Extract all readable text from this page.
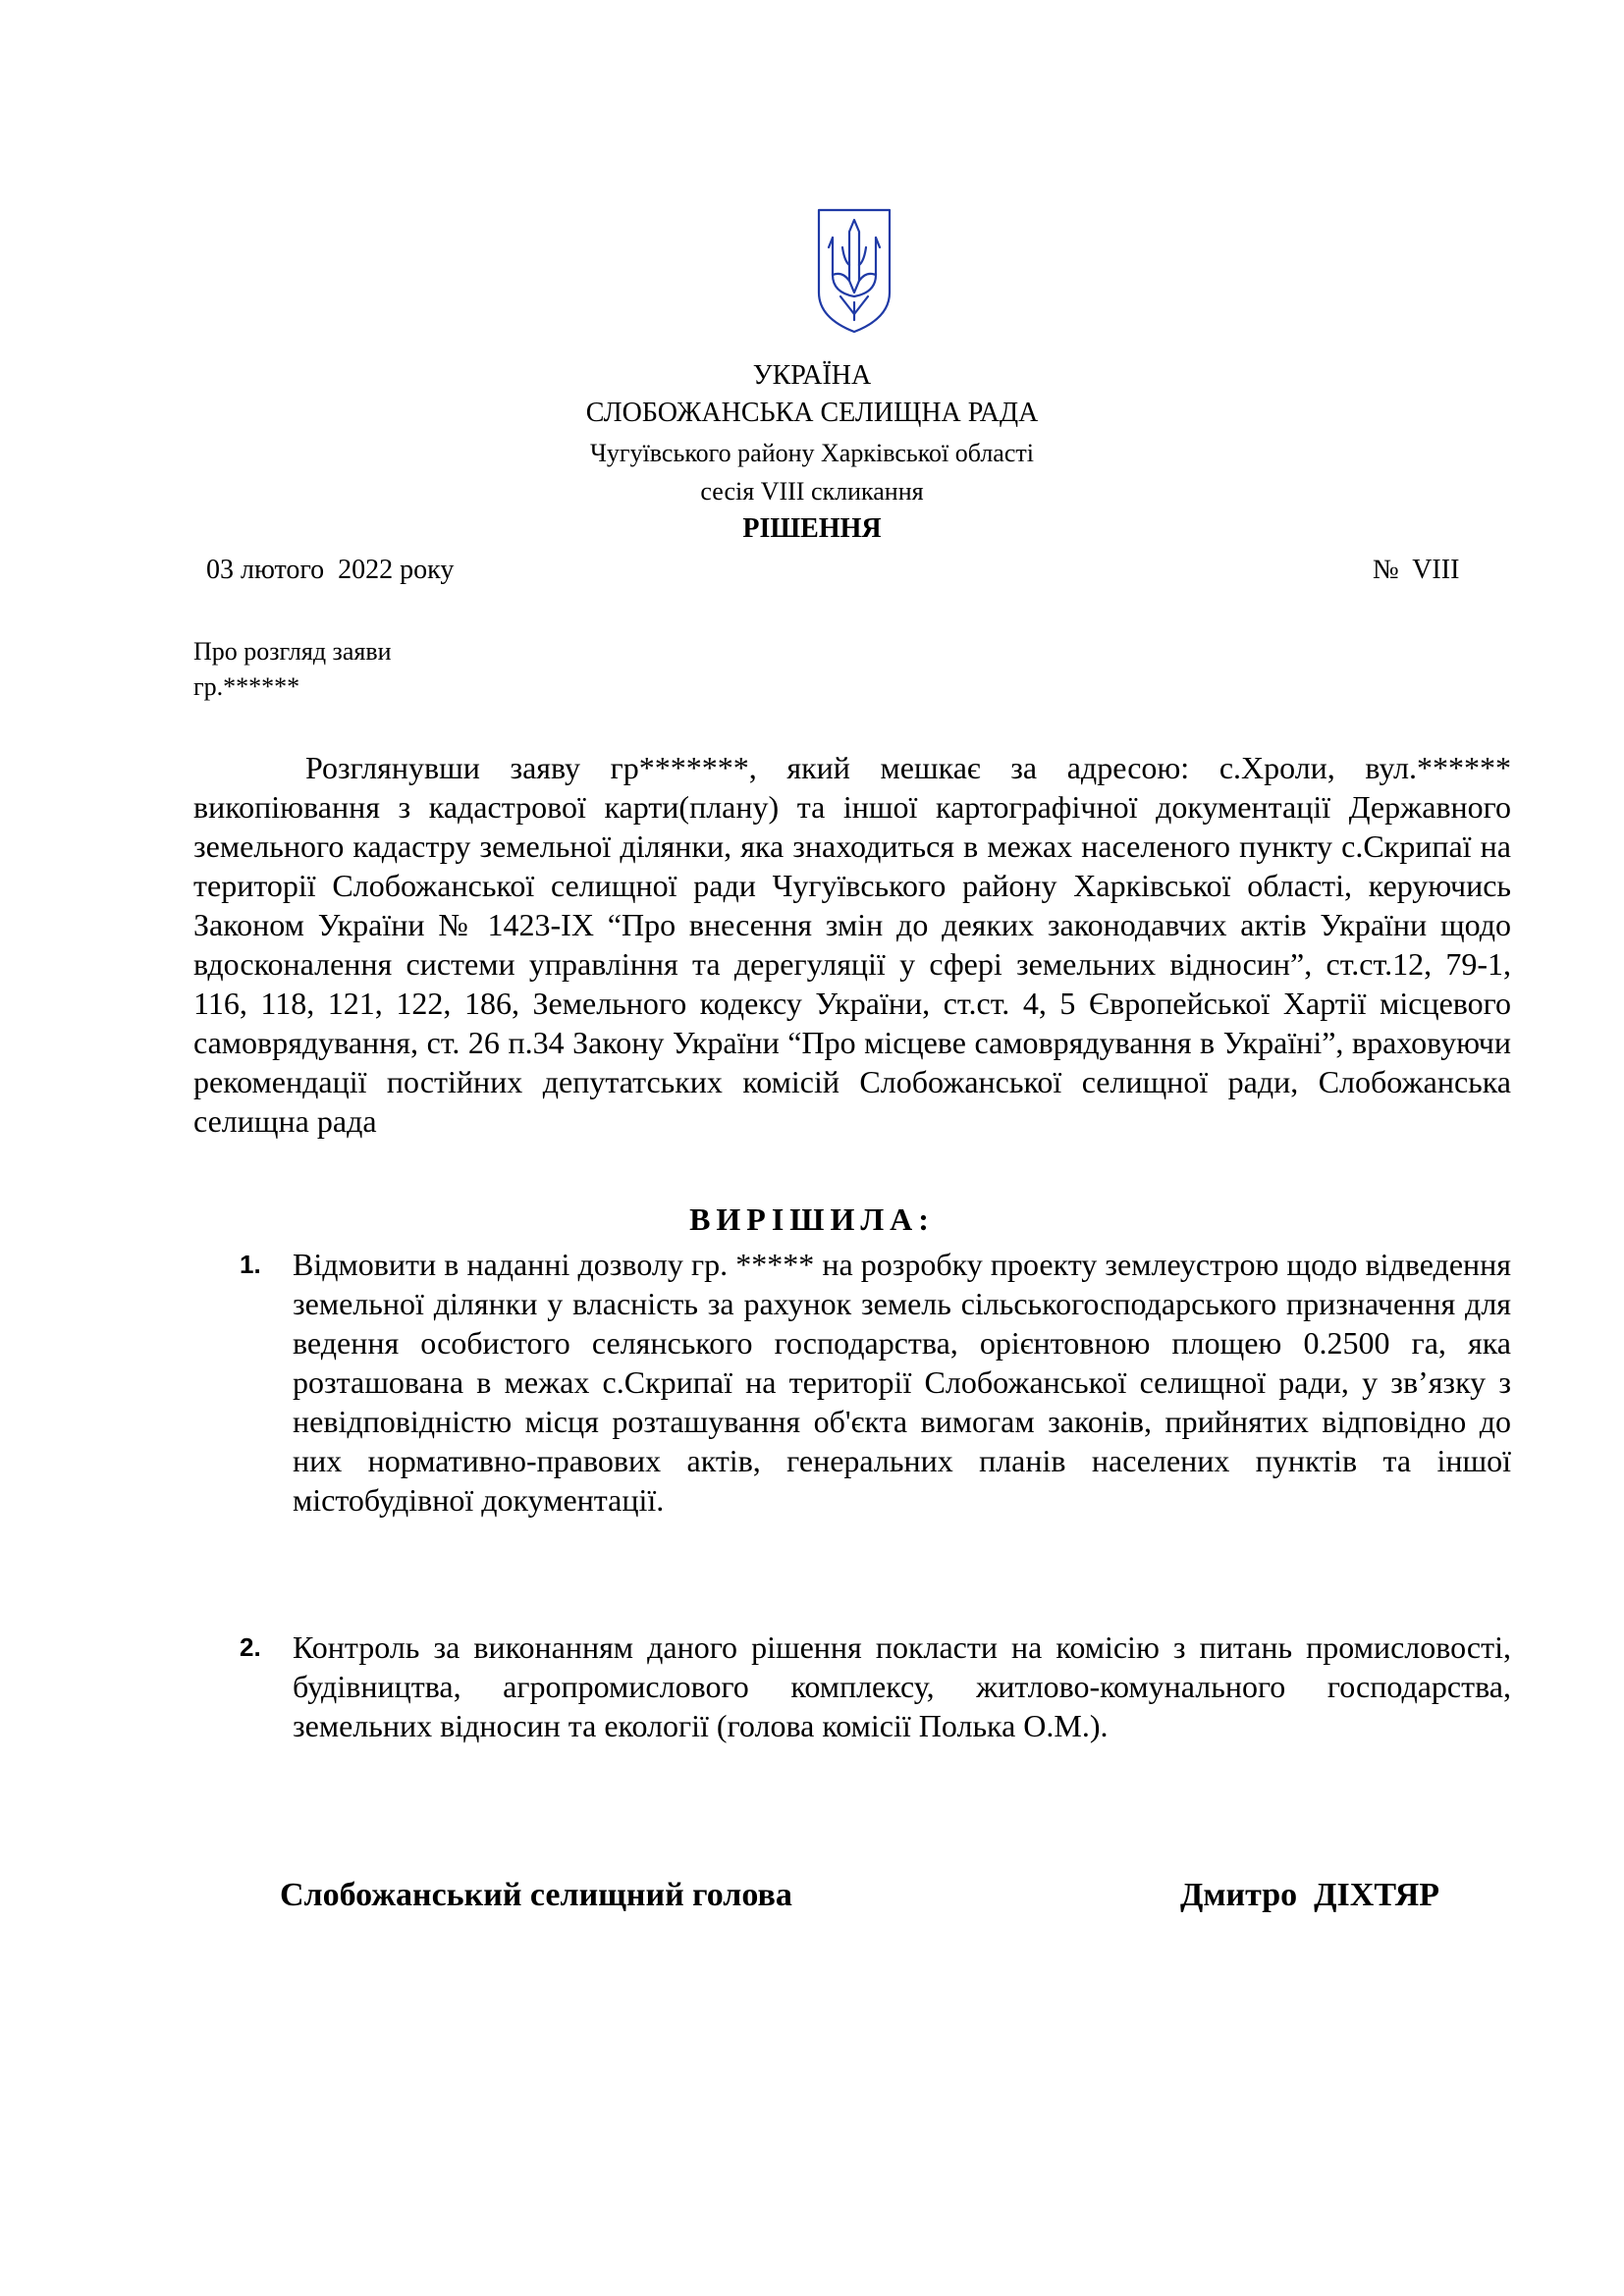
УКРАЇНА
СЛОБОЖАНСЬКА СЕЛИЩНА РАДА
Чугуївського району Харківської області
сесія VIII скликання
РІШЕННЯ
03 лютого  2022 року	№  VIII
Про розгляд заяви
гр.******

Розглянувши заяву гр*******, який мешкає за адресою: с.Хроли, вул.****** викопіювання з кадастрової карти(плану) та іншої картографічної документації Державного земельного кадастру земельної ділянки, яка знаходиться в межах населеного пункту с.Скрипаї на території Слобожанської селищної ради Чугуївського району Харківської області, керуючись Законом України № 1423-IX “Про внесення змін до деяких законодавчих актів України щодо вдосконалення системи управління та дерегуляції у сфері земельних відносин”, ст.ст.12, 79-1, 116, 118, 121, 122, 186, Земельного кодексу України, ст.ст. 4, 5 Європейської Хартії місцевого самоврядування, ст. 26 п.34 Закону України “Про місцеве самоврядування в Україні”, враховуючи рекомендації постійних депутатських комісій Слобожанської селищної ради, Слобожанська селищна рада

ВИРІШИЛА:
1.	Відмовити в наданні дозволу гр. ***** на розробку проекту землеустрою щодо відведення земельної ділянки у власність за рахунок земель сільськогосподарського призначення для ведення особистого селянського господарства, орієнтовною площею 0.2500 га, яка розташована в межах с.Скрипаї на території Слобожанської селищної ради, у зв’язку з невідповідністю місця розташування об'єкта вимогам законів, прийнятих відповідно до них нормативно-правових актів, генеральних планів населених пунктів та іншої містобудівної документації.

2.	Контроль за виконанням даного рішення покласти на комісію з питань промисловості, будівництва, агропромислового комплексу, житлово-комунального господарства, земельних відносин та екології (голова комісії Полька О.М.).

Слобожанський селищний голова	Дмитро  ДІХТЯР
